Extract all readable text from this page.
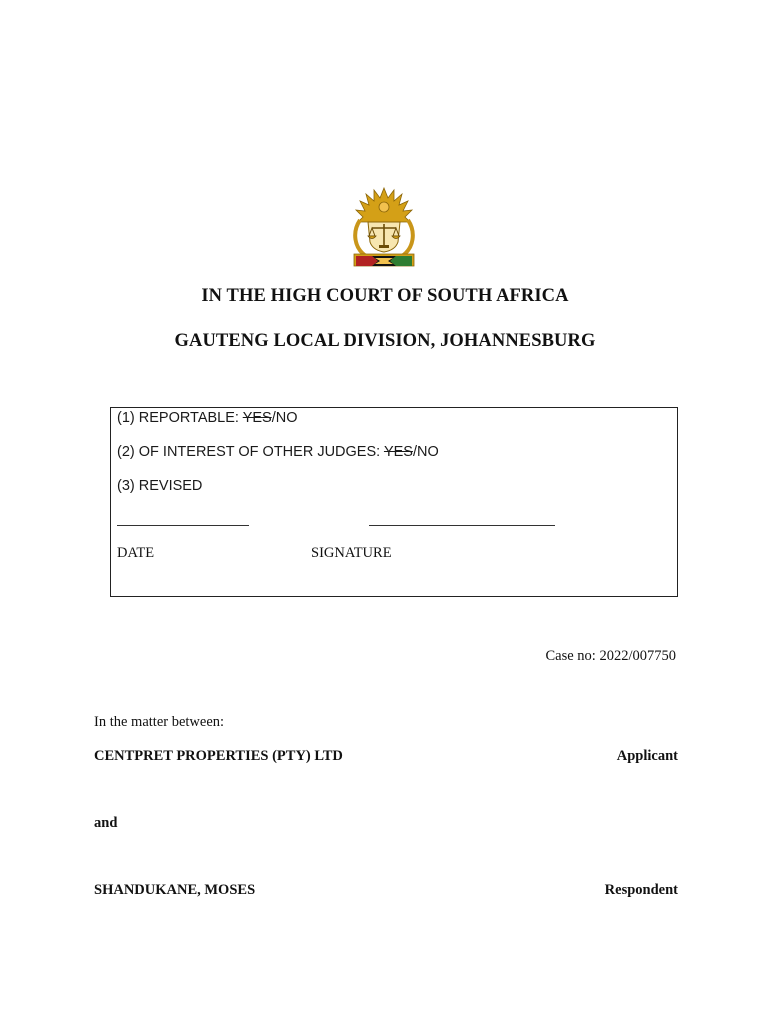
IN THE HIGH COURT OF SOUTH AFRICA
GAUTENG LOCAL DIVISION, JOHANNESBURG
(1) REPORTABLE: YES/NO
(2) OF INTEREST OF OTHER JUDGES: YES/NO
(3) REVISED
DATE	SIGNATURE
Case no: 2022/007750
In the matter between:
CENTPRET PROPERTIES (PTY) LTD	Applicant
and
SHANDUKANE, MOSES	Respondent
